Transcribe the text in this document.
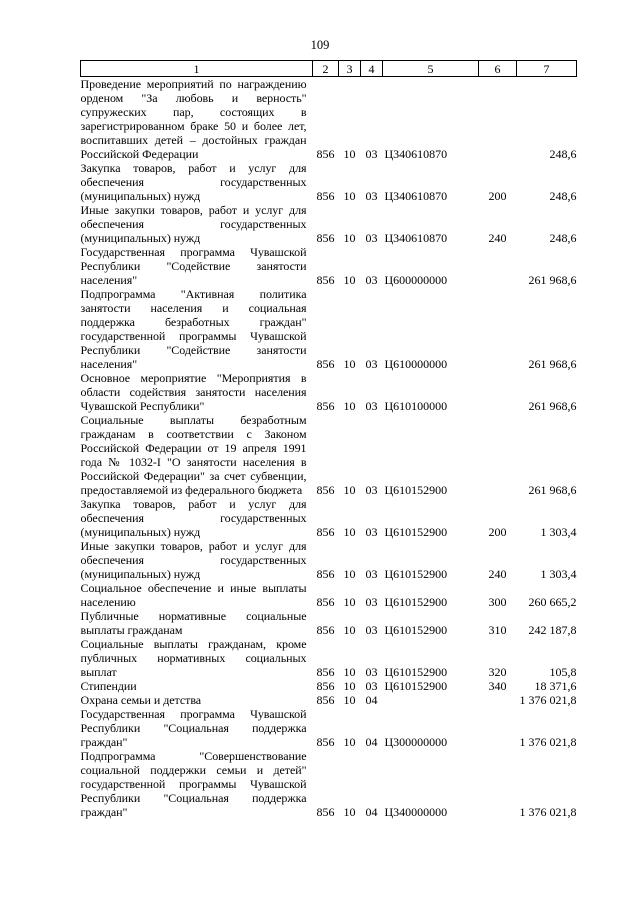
109
1	2	3	4	5	6	7
Проведение мероприятий по награждению орденом "За любовь и верность" супружеских пар, состоящих в зарегистрированном браке 50 и более лет, воспитавших детей – достойных граждан Российской Федерации	856	10	03	Ц340610870		248,6
Закупка товаров, работ и услуг для обеспечения государственных (муниципальных) нужд	856	10	03	Ц340610870	200	248,6
Иные закупки товаров, работ и услуг для обеспечения государственных (муниципальных) нужд	856	10	03	Ц340610870	240	248,6
Государственная программа Чувашской Республики "Содействие занятости населения"	856	10	03	Ц600000000		261 968,6
Подпрограмма "Активная политика занятости населения и социальная поддержка безработных граждан" государственной программы Чувашской Республики "Содействие занятости населения"	856	10	03	Ц610000000		261 968,6
Основное мероприятие "Мероприятия в области содействия занятости населения Чувашской Республики"	856	10	03	Ц610100000		261 968,6
Социальные выплаты безработным гражданам в соответствии с Законом Российской Федерации от 19 апреля 1991 года № 1032-I "О занятости населения в Российской Федерации" за счет субвенции, предоставляемой из федерального бюджета	856	10	03	Ц610152900		261 968,6
Закупка товаров, работ и услуг для обеспечения государственных (муниципальных) нужд	856	10	03	Ц610152900	200	1 303,4
Иные закупки товаров, работ и услуг для обеспечения государственных (муниципальных) нужд	856	10	03	Ц610152900	240	1 303,4
Социальное обеспечение и иные выплаты населению	856	10	03	Ц610152900	300	260 665,2
Публичные нормативные социальные выплаты гражданам	856	10	03	Ц610152900	310	242 187,8
Социальные выплаты гражданам, кроме публичных нормативных социальных выплат	856	10	03	Ц610152900	320	105,8
Стипендии	856	10	03	Ц610152900	340	18 371,6
Охрана семьи и детства	856	10	04			1 376 021,8
Государственная программа Чувашской Республики "Социальная поддержка граждан"	856	10	04	Ц300000000		1 376 021,8
Подпрограмма "Совершенствование социальной поддержки семьи и детей" государственной программы Чувашской Республики "Социальная поддержка граждан"	856	10	04	Ц340000000		1 376 021,8
